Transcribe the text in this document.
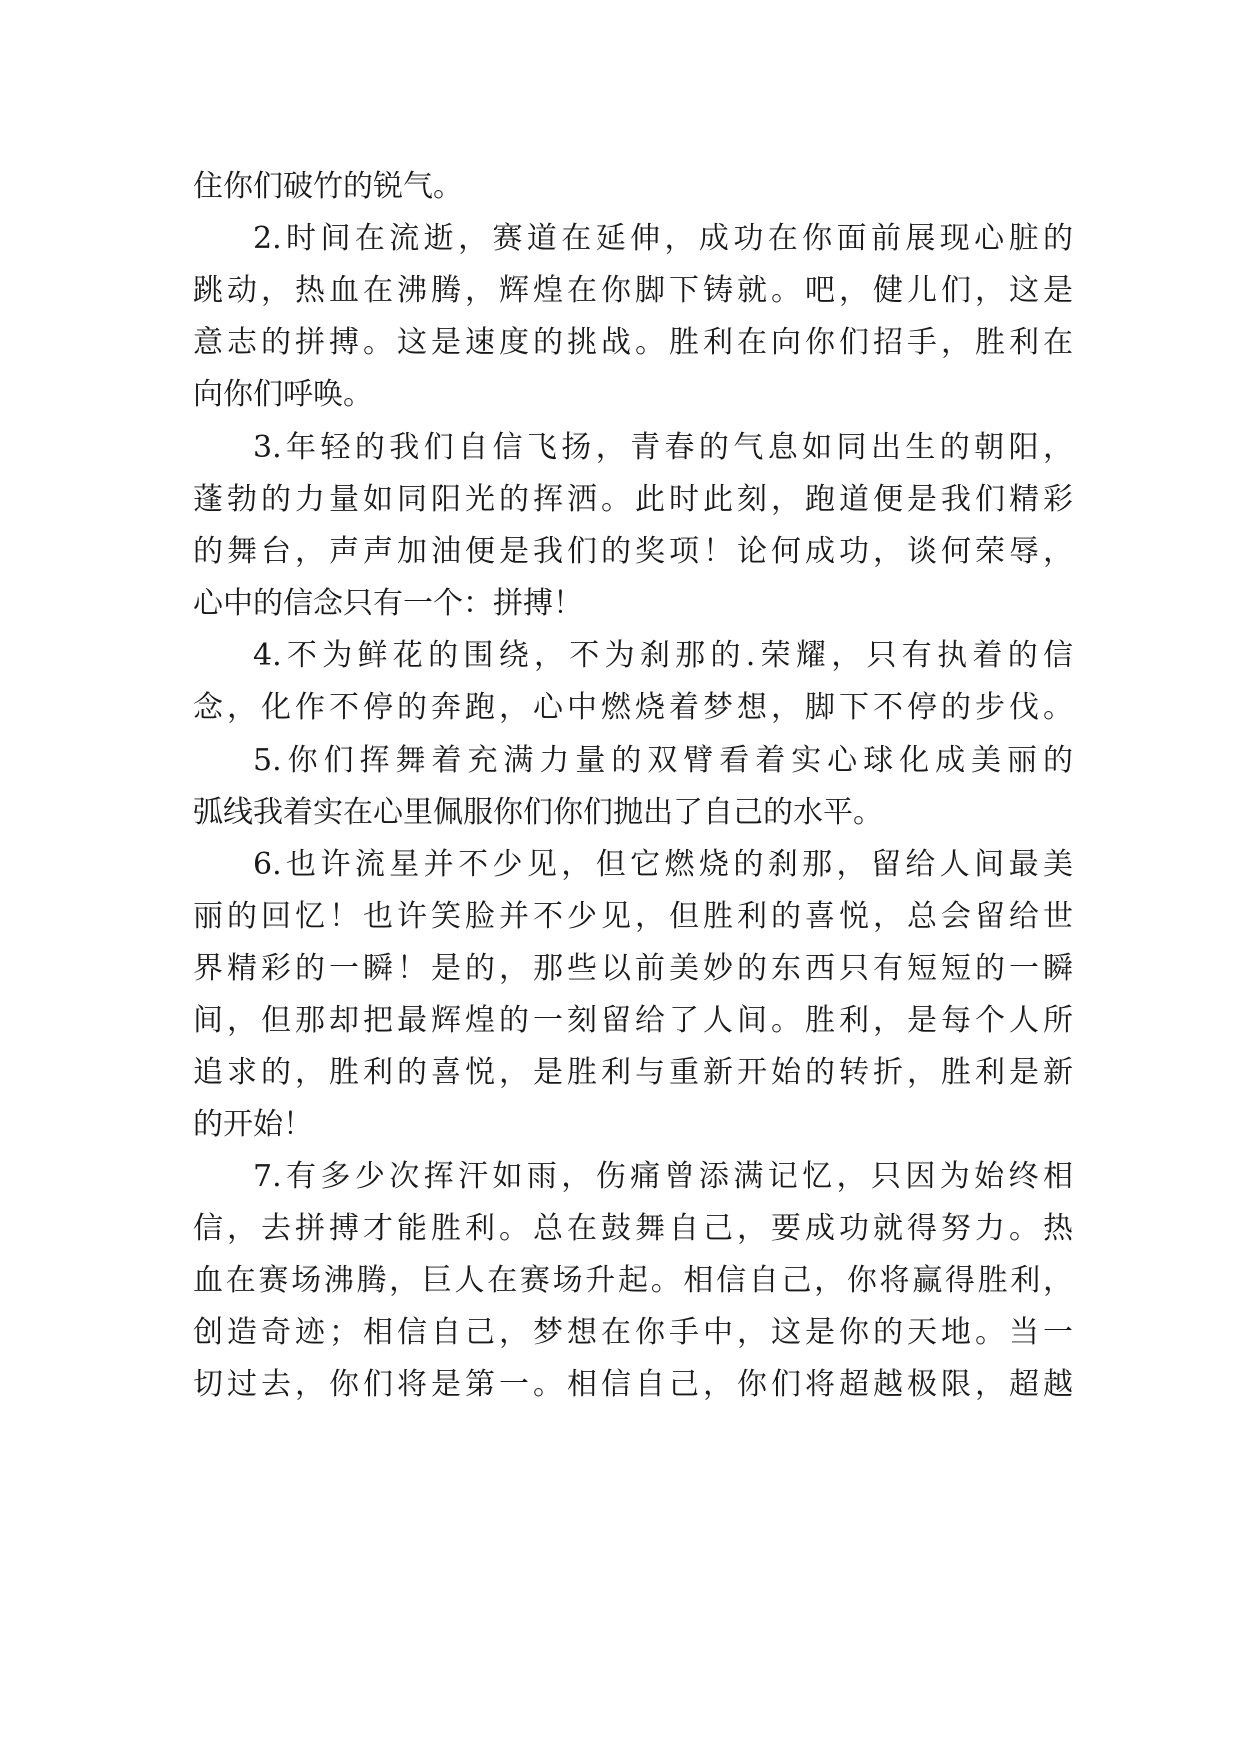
住你们破竹的锐气。
2.时间在流逝，赛道在延伸，成功在你面前展现心脏的
跳动，热血在沸腾，辉煌在你脚下铸就。吧，健儿们，这是
意志的拼搏。这是速度的挑战。胜利在向你们招手，胜利在
向你们呼唤。
3.年轻的我们自信飞扬，青春的气息如同出生的朝阳，
蓬勃的力量如同阳光的挥洒。此时此刻，跑道便是我们精彩
的舞台，声声加油便是我们的奖项！论何成功，谈何荣辱，
心中的信念只有一个：拼搏！
4.不为鲜花的围绕，不为刹那的.荣耀，只有执着的信
念，化作不停的奔跑，心中燃烧着梦想，脚下不停的步伐。
5.你们挥舞着充满力量的双臂看着实心球化成美丽的
弧线我着实在心里佩服你们你们抛出了自己的水平。
6.也许流星并不少见，但它燃烧的刹那，留给人间最美
丽的回忆！也许笑脸并不少见，但胜利的喜悦，总会留给世
界精彩的一瞬！是的，那些以前美妙的东西只有短短的一瞬
间，但那却把最辉煌的一刻留给了人间。胜利，是每个人所
追求的，胜利的喜悦，是胜利与重新开始的转折，胜利是新
的开始！
7.有多少次挥汗如雨，伤痛曾添满记忆，只因为始终相
信，去拼搏才能胜利。总在鼓舞自己，要成功就得努力。热
血在赛场沸腾，巨人在赛场升起。相信自己，你将赢得胜利，
创造奇迹；相信自己，梦想在你手中，这是你的天地。当一
切过去，你们将是第一。相信自己，你们将超越极限，超越
